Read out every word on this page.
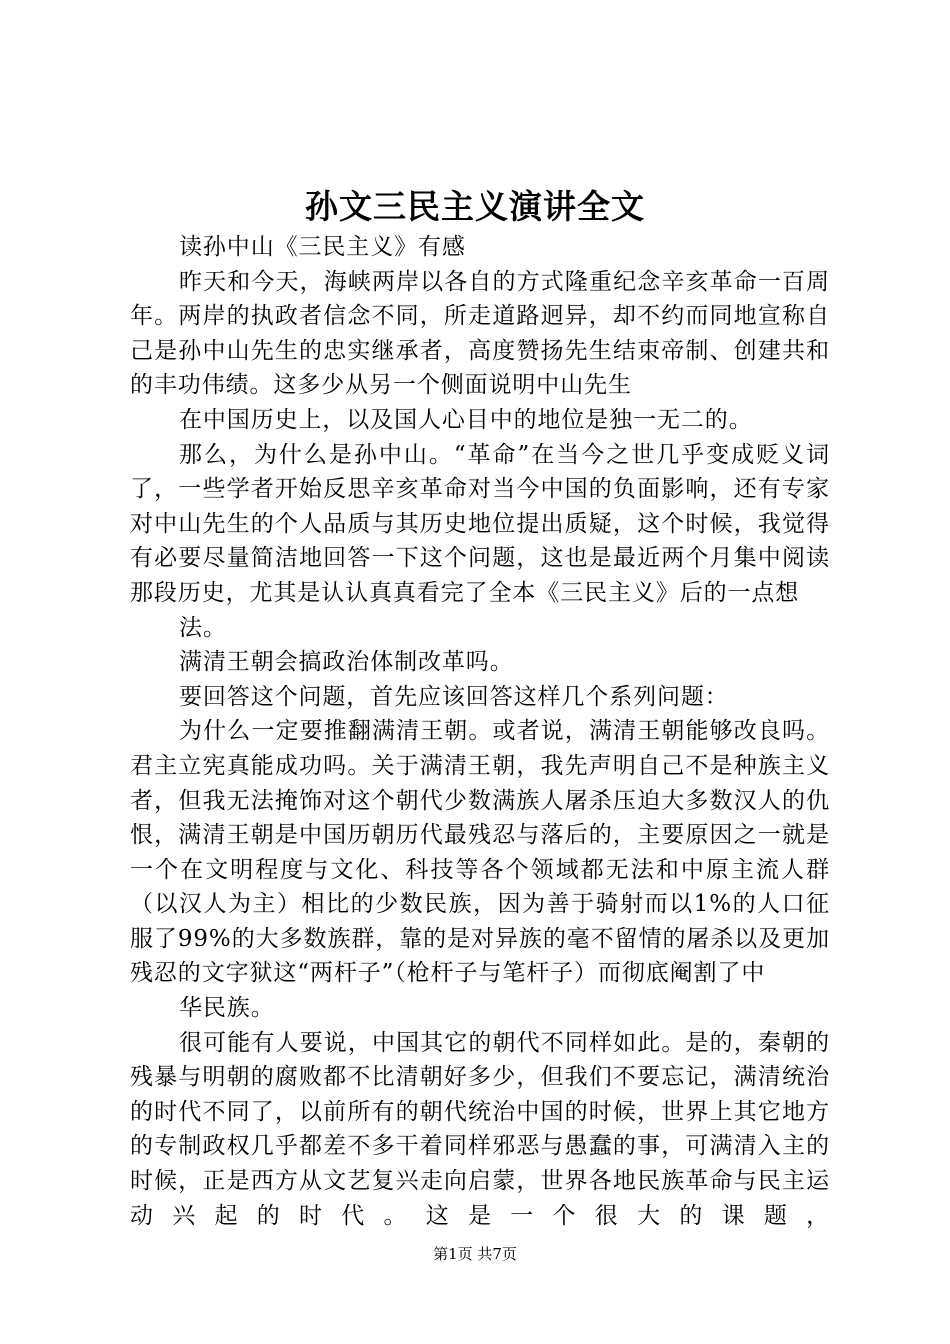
孙文三民主义演讲全文

读孙中山《三民主义》有感

昨天和今天，海峡两岸以各自的方式隆重纪念辛亥革命一百周年。两岸的执政者信念不同，所走道路迥异，却不约而同地宣称自己是孙中山先生的忠实继承者，高度赞扬先生结束帝制、创建共和的丰功伟绩。这多少从另一个侧面说明中山先生

在中国历史上，以及国人心目中的地位是独一无二的。

那么，为什么是孙中山。“革命”在当今之世几乎变成贬义词了，一些学者开始反思辛亥革命对当今中国的负面影响，还有专家对中山先生的个人品质与其历史地位提出质疑，这个时候，我觉得有必要尽量简洁地回答一下这个问题，这也是最近两个月集中阅读那段历史，尤其是认认真真看完了全本《三民主义》后的一点想

法。

满清王朝会搞政治体制改革吗。

要回答这个问题，首先应该回答这样几个系列问题：

为什么一定要推翻满清王朝。或者说，满清王朝能够改良吗。君主立宪真能成功吗。关于满清王朝，我先声明自己不是种族主义者，但我无法掩饰对这个朝代少数满族人屠杀压迫大多数汉人的仇恨，满清王朝是中国历朝历代最残忍与落后的，主要原因之一就是一个在文明程度与文化、科技等各个领域都无法和中原主流人群（以汉人为主）相比的少数民族，因为善于骑射而以1%的人口征服了99%的大多数族群，靠的是对异族的毫不留情的屠杀以及更加残忍的文字狱这“两杆子”（枪杆子与笔杆子）而彻底阉割了中

华民族。

很可能有人要说，中国其它的朝代不同样如此。是的，秦朝的残暴与明朝的腐败都不比清朝好多少，但我们不要忘记，满清统治的时代不同了，以前所有的朝代统治中国的时候，世界上其它地方的专制政权几乎都差不多干着同样邪恶与愚蠢的事，可满清入主的时候，正是西方从文艺复兴走向启蒙，世界各地民族革命与民主运动兴起的时代。这是一个很大的课题，

第1页 共7页
